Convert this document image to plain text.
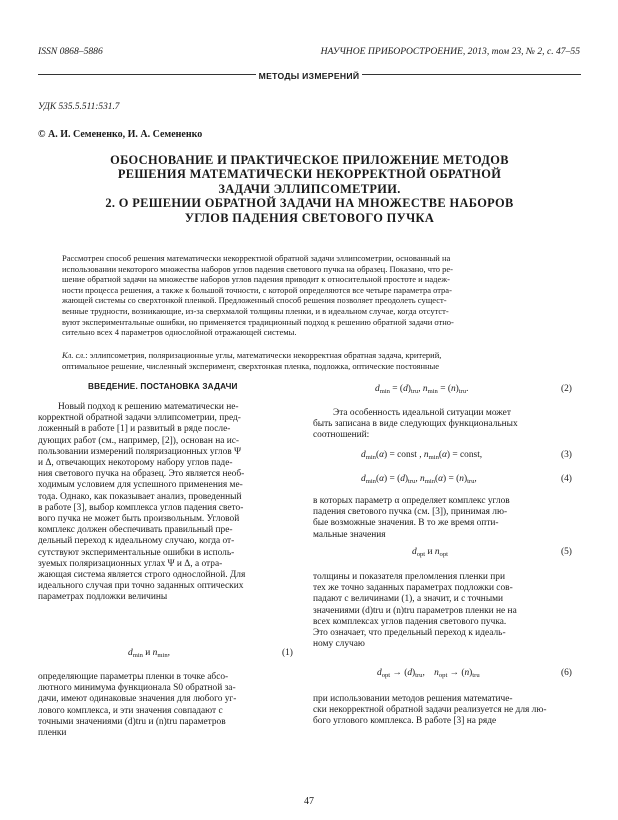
ISSN 0868–5886	НАУЧНОЕ ПРИБОРОСТРОЕНИЕ, 2013, том 23, № 2, с. 47–55
МЕТОДЫ ИЗМЕРЕНИЙ
УДК 535.5.511:531.7
© А. И. Семененко, И. А. Семененко
ОБОСНОВАНИЕ И ПРАКТИЧЕСКОЕ ПРИЛОЖЕНИЕ МЕТОДОВ
РЕШЕНИЯ МАТЕМАТИЧЕСКИ НЕКОРРЕКТНОЙ ОБРАТНОЙ
ЗАДАЧИ ЭЛЛИПСОМЕТРИИ.
2. О РЕШЕНИИ ОБРАТНОЙ ЗАДАЧИ НА МНОЖЕСТВЕ НАБОРОВ
УГЛОВ ПАДЕНИЯ СВЕТОВОГО ПУЧКА
Рассмотрен способ решения математически некорректной обратной задачи эллипсометрии, основанный на
использовании некоторого множества наборов углов падения светового пучка на образец. Показано, что ре-
шение обратной задачи на множестве наборов углов падения приводит к относительной простоте и надеж-
ности процесса решения, а также к большой точности, с которой определяются все четыре параметра отра-
жающей системы со сверхтонкой пленкой. Предложенный способ решения позволяет преодолеть сущест-
венные трудности, возникающие, из-за сверхмалой толщины пленки, и в идеальном случае, когда отсутст-
вуют экспериментальные ошибки, но применяется традиционный подход к решению обратной задачи отно-
сительно всех 4 параметров однослойной отражающей системы.
Кл. сл.: эллипсометрия, поляризационные углы, математически некорректная обратная задача, критерий,
оптимальное решение, численный эксперимент, сверхтонкая пленка, подложка, оптические постоянные
ВВЕДЕНИЕ. ПОСТАНОВКА ЗАДАЧИ
Новый подход к решению математически не-
корректной обратной задачи эллипсометрии, пред-
ложенный в работе [1] и развитый в ряде после-
дующих работ (см., например, [2]), основан на ис-
пользовании измерений поляризационных углов Ψ
и Δ, отвечающих некоторому набору углов паде-
ния светового пучка на образец. Это является необ-
ходимым условием для успешного применения ме-
тода. Однако, как показывает анализ, проведенный
в работе [3], выбор комплекса углов падения свето-
вого пучка не может быть произвольным. Угловой
комплекс должен обеспечивать правильный пре-
дельный переход к идеальному случаю, когда от-
сутствуют экспериментальные ошибки в исполь-
зуемых поляризационных углах Ψ и Δ, а отра-
жающая система является строго однослойной. Для
идеального случая при точно заданных оптических
параметрах подложки величины
$d_{min}$ и $n_{min}$,	(1)
определяющие параметры пленки в точке абсо-
лютного минимума функционала S0 обратной за-
дачи, имеют одинаковые значения для любого уг-
лового комплекса, и эти значения совпадают с
точными значениями (d)tru и (n)tru параметров
пленки
$d_{min} = (d)_{tru}$, $n_{min} = (n)_{tru}$.	(2)
Эта особенность идеальной ситуации может
быть записана в виде следующих функциональных
соотношений:
$d_{min}(\alpha)$ = const , $n_{min}(\alpha)$ = const,	(3)
$d_{min}(\alpha) = (d)_{tru}$, $n_{min}(\alpha) = (n)_{tru}$,	(4)
в которых параметр α определяет комплекс углов
падения светового пучка (см. [3]), принимая лю-
бые возможные значения. В то же время опти-
мальные значения
$d_{opt}$ и $n_{opt}$	(5)
толщины и показателя преломления пленки при
тех же точно заданных параметрах подложки сов-
падают с величинами (1), а значит, и с точными
значениями (d)tru и (n)tru параметров пленки не на
всех комплексах углов падения светового пучка.
Это означает, что предельный переход к идеаль-
ному случаю
$d_{opt} \to (d)_{tru}$,    $n_{opt} \to (n)_{tru}$	(6)
при использовании методов решения математиче-
ски некорректной обратной задачи реализуется не для лю-
бого углового комплекса. В работе [3] на ряде
47
